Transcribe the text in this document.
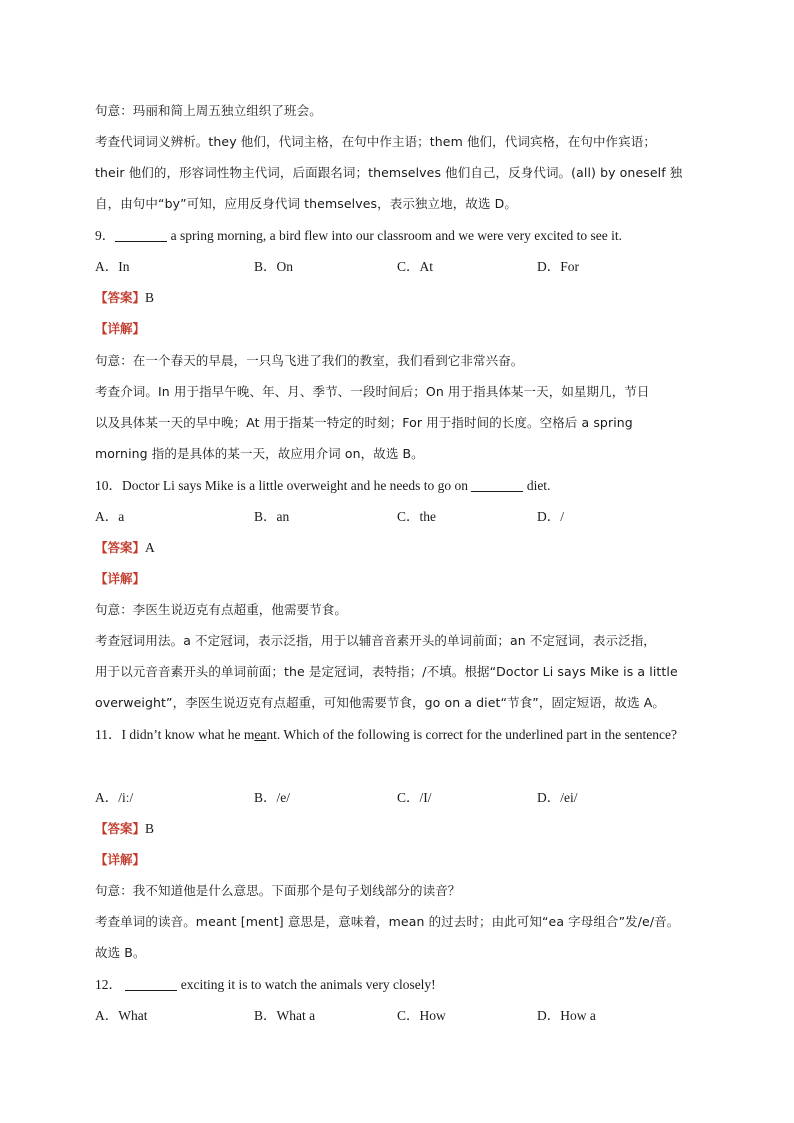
句意：玛丽和简上周五独立组织了班会。
考查代词词义辨析。they 他们，代词主格，在句中作主语；them 他们，代词宾格，在句中作宾语；
their 他们的，形容词性物主代词，后面跟名词；themselves 他们自己，反身代词。(all) by oneself 独
自，由句中“by”可知，应用反身代词 themselves，表示独立地，故选 D。
9．	a spring morning, a bird flew into our classroom and we were very excited to see it.
A．In	B．On	C．At	D．For
【答案】B
【详解】
句意：在一个春天的早晨，一只鸟飞进了我们的教室，我们看到它非常兴奋。
考查介词。In 用于指早午晚、年、月、季节、一段时间后；On 用于指具体某一天，如星期几，节日
以及具体某一天的早中晚；At 用于指某一特定的时刻；For 用于指时间的长度。空格后 a spring
morning 指的是具体的某一天，故应用介词 on，故选 B。
10．Doctor Li says Mike is a little overweight and he needs to go on	diet.
A．a	B．an	C．the	D．/
【答案】A
【详解】
句意：李医生说迈克有点超重，他需要节食。
考查冠词用法。a 不定冠词，表示泛指，用于以辅音音素开头的单词前面；an 不定冠词，表示泛指，
用于以元音音素开头的单词前面；the 是定冠词，表特指；/不填。根据“Doctor Li says Mike is a little
overweight”，李医生说迈克有点超重，可知他需要节食，go on a diet“节食”，固定短语，故选 A。
11．I didn’t know what he meant. Which of the following is correct for the underlined part in the sentence?
A．/iː/	B．/e/	C．/I/	D．/ei/
【答案】B
【详解】
句意：我不知道他是什么意思。下面那个是句子划线部分的读音？
考查单词的读音。meant [ment] 意思是，意味着，mean 的过去时；由此可知“ea 字母组合”发/e/音。
故选 B。
12．	exciting it is to watch the animals very closely!
A．What	B．What a	C．How	D．How a
